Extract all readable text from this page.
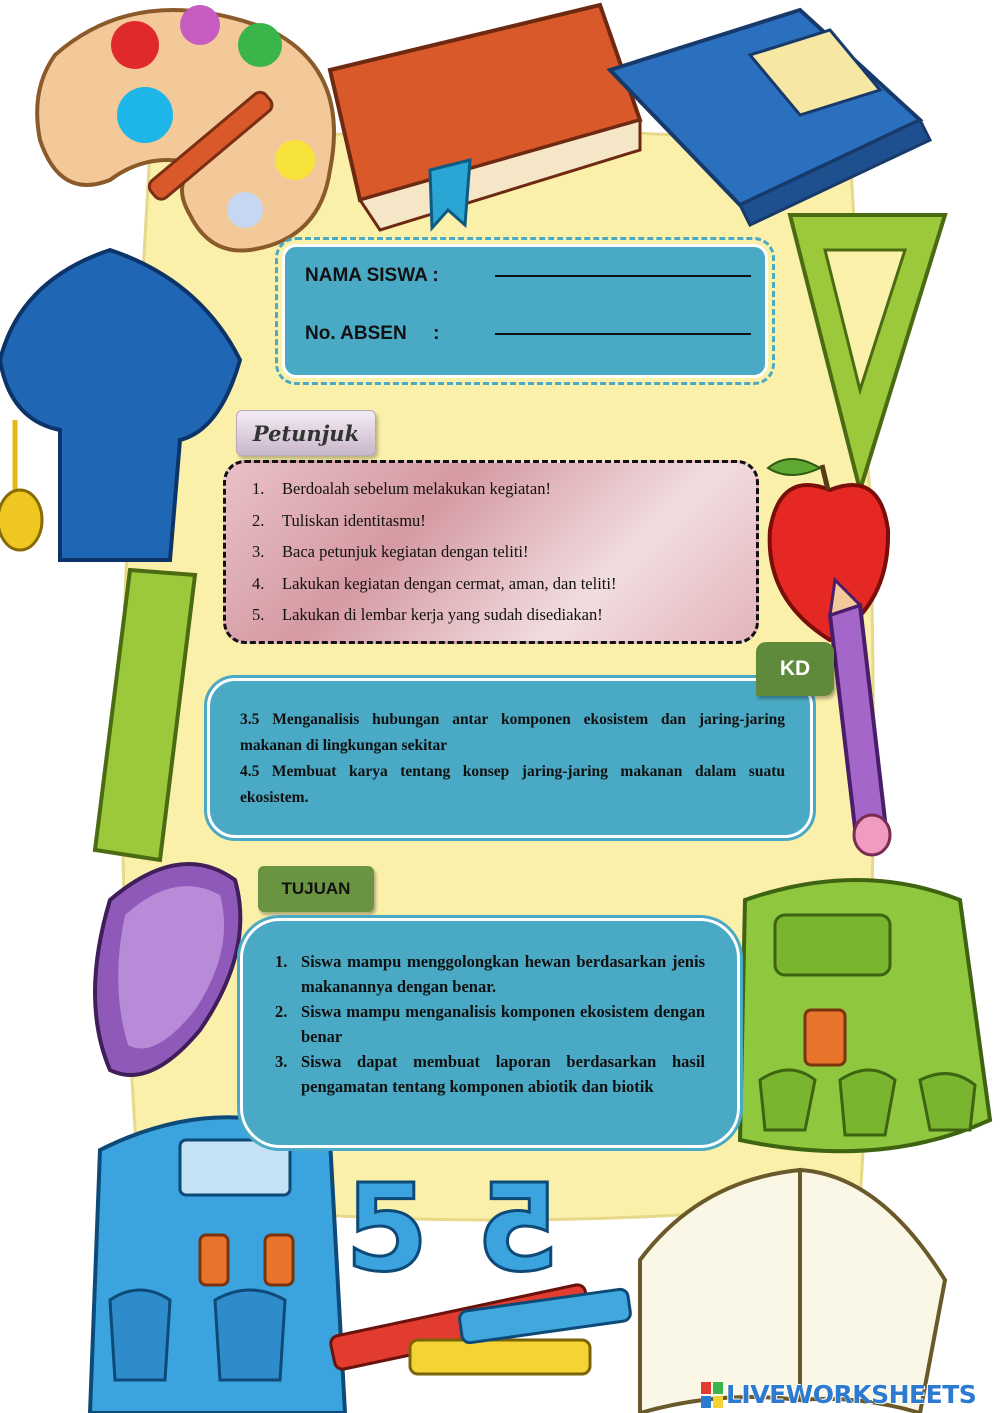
5 5
NAMA SISWA :
No. ABSEN     :
Petunjuk
1.	Berdoalah sebelum melakukan kegiatan!
2.	Tuliskan identitasmu!
3.	Baca petunjuk kegiatan dengan teliti!
4.	Lakukan kegiatan dengan cermat, aman, dan teliti!
5.	Lakukan di lembar kerja yang sudah disediakan!

3.5 Menganalisis hubungan antar komponen ekosistem dan jaring-jaring makanan di lingkungan sekitar

4.5 Membuat karya tentang konsep jaring-jaring makanan dalam suatu ekosistem.

KD
TUJUAN
1. Siswa mampu menggolongkan hewan berdasarkan jenis makanannya dengan benar.
2. Siswa mampu menganalisis komponen ekosistem dengan benar
3. Siswa dapat membuat laporan berdasarkan hasil pengamatan tentang komponen abiotik dan biotik
LIVEWORKSHEETS
